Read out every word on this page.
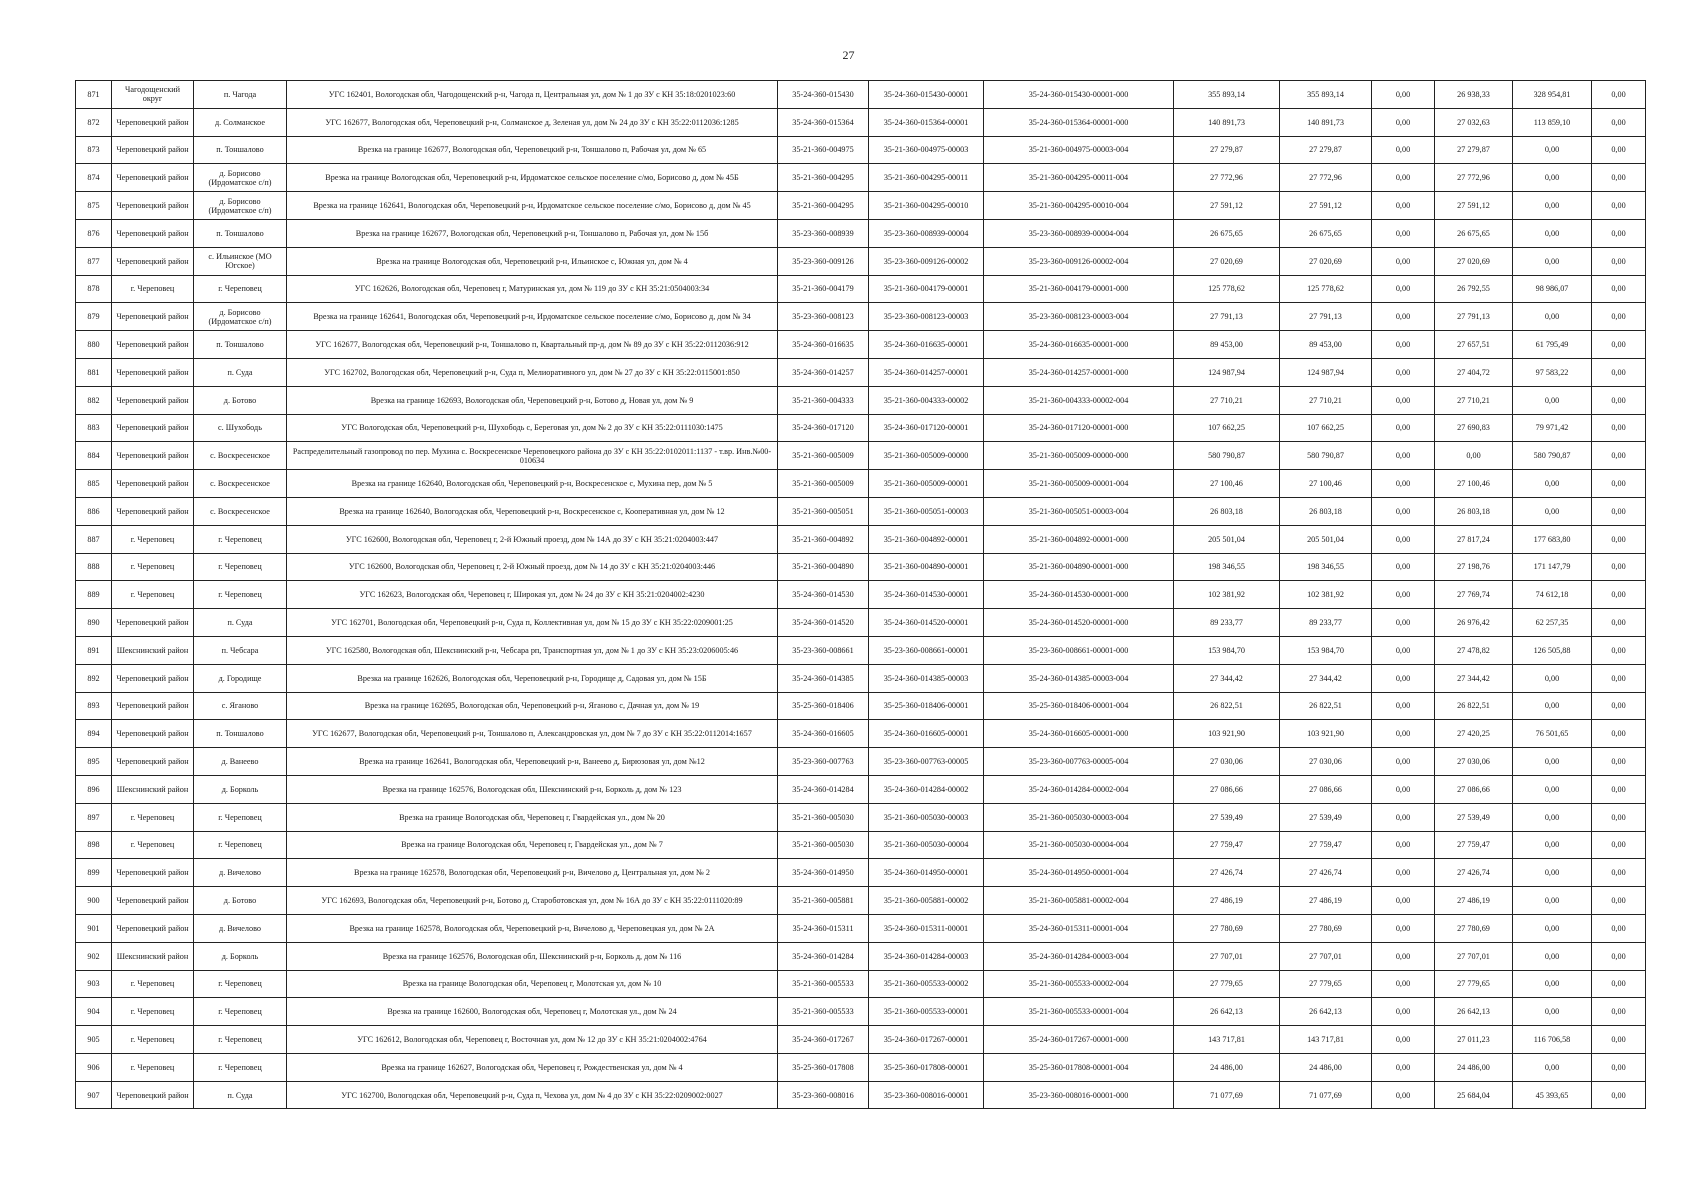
27
871	Чагодощенский округ	п. Чагода	УГС 162401, Вологодская обл, Чагодощенский р-н, Чагода п, Центральная ул, дом № 1 до ЗУ с КН 35:18:0201023:60	35-24-360-015430	35-24-360-015430-00001	35-24-360-015430-00001-000	355 893,14	355 893,14	0,00	26 938,33	328 954,81	0,00
872	Череповецкий район	д. Солманское	УГС 162677, Вологодская обл, Череповецкий р-н, Солманское д, Зеленая ул, дом № 24 до ЗУ с КН 35:22:0112036:1285	35-24-360-015364	35-24-360-015364-00001	35-24-360-015364-00001-000	140 891,73	140 891,73	0,00	27 032,63	113 859,10	0,00
873	Череповецкий район	п. Тоншалово	Врезка на границе 162677, Вологодская обл, Череповецкий р-н, Тоншалово п, Рабочая ул, дом № 65	35-21-360-004975	35-21-360-004975-00003	35-21-360-004975-00003-004	27 279,87	27 279,87	0,00	27 279,87	0,00	0,00
874	Череповецкий район	д. Борисово (Ирдоматское с/п)	Врезка на границе Вологодская обл, Череповецкий р-н, Ирдоматское сельское поселение с/мо, Борисово д, дом № 45Б	35-21-360-004295	35-21-360-004295-00011	35-21-360-004295-00011-004	27 772,96	27 772,96	0,00	27 772,96	0,00	0,00
875	Череповецкий район	д. Борисово (Ирдоматское с/п)	Врезка на границе 162641, Вологодская обл, Череповецкий р-н, Ирдоматское сельское поселение с/мо, Борисово д, дом № 45	35-21-360-004295	35-21-360-004295-00010	35-21-360-004295-00010-004	27 591,12	27 591,12	0,00	27 591,12	0,00	0,00
876	Череповецкий район	п. Тоншалово	Врезка на границе 162677, Вологодская обл, Череповецкий р-н, Тоншалово п, Рабочая ул, дом № 15б	35-23-360-008939	35-23-360-008939-00004	35-23-360-008939-00004-004	26 675,65	26 675,65	0,00	26 675,65	0,00	0,00
877	Череповецкий район	с. Ильинское (МО Югское)	Врезка на границе Вологодская обл, Череповецкий р-н, Ильинское с, Южная ул, дом № 4	35-23-360-009126	35-23-360-009126-00002	35-23-360-009126-00002-004	27 020,69	27 020,69	0,00	27 020,69	0,00	0,00
878	г. Череповец	г. Череповец	УГС 162626, Вологодская обл, Череповец г, Матуринская ул, дом № 119 до ЗУ с КН 35:21:0504003:34	35-21-360-004179	35-21-360-004179-00001	35-21-360-004179-00001-000	125 778,62	125 778,62	0,00	26 792,55	98 986,07	0,00
879	Череповецкий район	д. Борисово (Ирдоматское с/п)	Врезка на границе 162641, Вологодская обл, Череповецкий р-н, Ирдоматское сельское поселение с/мо, Борисово д, дом № 34	35-23-360-008123	35-23-360-008123-00003	35-23-360-008123-00003-004	27 791,13	27 791,13	0,00	27 791,13	0,00	0,00
880	Череповецкий район	п. Тоншалово	УГС 162677, Вологодская обл, Череповецкий р-н, Тоншалово п, Квартальный пр-д, дом № 89 до ЗУ с КН 35:22:0112036:912	35-24-360-016635	35-24-360-016635-00001	35-24-360-016635-00001-000	89 453,00	89 453,00	0,00	27 657,51	61 795,49	0,00
881	Череповецкий район	п. Суда	УГС 162702, Вологодская обл, Череповецкий р-н, Суда п, Мелиоративного ул, дом № 27 до ЗУ с КН 35:22:0115001:850	35-24-360-014257	35-24-360-014257-00001	35-24-360-014257-00001-000	124 987,94	124 987,94	0,00	27 404,72	97 583,22	0,00
882	Череповецкий район	д. Ботово	Врезка на границе 162693, Вологодская обл, Череповецкий р-н, Ботово д, Новая ул, дом № 9	35-21-360-004333	35-21-360-004333-00002	35-21-360-004333-00002-004	27 710,21	27 710,21	0,00	27 710,21	0,00	0,00
883	Череповецкий район	с. Шухободь	УГС Вологодская обл, Череповецкий р-н, Шухободь с, Береговая ул, дом № 2 до ЗУ с КН 35:22:0111030:1475	35-24-360-017120	35-24-360-017120-00001	35-24-360-017120-00001-000	107 662,25	107 662,25	0,00	27 690,83	79 971,42	0,00
884	Череповецкий район	с. Воскресенское	Распределительный газопровод по пер. Мухина с. Воскресенское Череповецкого района до ЗУ с КН 35:22:0102011:1137 - т.вр. Инв.№00-010634	35-21-360-005009	35-21-360-005009-00000	35-21-360-005009-00000-000	580 790,87	580 790,87	0,00	0,00	580 790,87	0,00
885	Череповецкий район	с. Воскресенское	Врезка на границе 162640, Вологодская обл, Череповецкий р-н, Воскресенское с, Мухина пер, дом № 5	35-21-360-005009	35-21-360-005009-00001	35-21-360-005009-00001-004	27 100,46	27 100,46	0,00	27 100,46	0,00	0,00
886	Череповецкий район	с. Воскресенское	Врезка на границе 162640, Вологодская обл, Череповецкий р-н, Воскресенское с, Кооперативная ул, дом № 12	35-21-360-005051	35-21-360-005051-00003	35-21-360-005051-00003-004	26 803,18	26 803,18	0,00	26 803,18	0,00	0,00
887	г. Череповец	г. Череповец	УГС 162600, Вологодская обл, Череповец г, 2-й Южный проезд, дом № 14А до ЗУ с КН 35:21:0204003:447	35-21-360-004892	35-21-360-004892-00001	35-21-360-004892-00001-000	205 501,04	205 501,04	0,00	27 817,24	177 683,80	0,00
888	г. Череповец	г. Череповец	УГС 162600, Вологодская обл, Череповец г, 2-й Южный проезд, дом № 14 до ЗУ с КН 35:21:0204003:446	35-21-360-004890	35-21-360-004890-00001	35-21-360-004890-00001-000	198 346,55	198 346,55	0,00	27 198,76	171 147,79	0,00
889	г. Череповец	г. Череповец	УГС 162623, Вологодская обл, Череповец г, Широкая ул, дом № 24 до ЗУ с КН 35:21:0204002:4230	35-24-360-014530	35-24-360-014530-00001	35-24-360-014530-00001-000	102 381,92	102 381,92	0,00	27 769,74	74 612,18	0,00
890	Череповецкий район	п. Суда	УГС 162701, Вологодская обл, Череповецкий р-н, Суда п, Коллективная ул, дом № 15 до ЗУ с КН 35:22:0209001:25	35-24-360-014520	35-24-360-014520-00001	35-24-360-014520-00001-000	89 233,77	89 233,77	0,00	26 976,42	62 257,35	0,00
891	Шекснинский район	п. Чебсара	УГС 162580, Вологодская обл, Шекснинский р-н, Чебсара рп, Транспортная ул, дом № 1 до ЗУ с КН 35:23:0206005:46	35-23-360-008661	35-23-360-008661-00001	35-23-360-008661-00001-000	153 984,70	153 984,70	0,00	27 478,82	126 505,88	0,00
892	Череповецкий район	д. Городище	Врезка на границе 162626, Вологодская обл, Череповецкий р-н, Городище д, Садовая ул, дом № 15Б	35-24-360-014385	35-24-360-014385-00003	35-24-360-014385-00003-004	27 344,42	27 344,42	0,00	27 344,42	0,00	0,00
893	Череповецкий район	с. Яганово	Врезка на границе 162695, Вологодская обл, Череповецкий р-н, Яганово с, Дачная ул, дом № 19	35-25-360-018406	35-25-360-018406-00001	35-25-360-018406-00001-004	26 822,51	26 822,51	0,00	26 822,51	0,00	0,00
894	Череповецкий район	п. Тоншалово	УГС 162677, Вологодская обл, Череповецкий р-н, Тоншалово п, Александровская ул, дом № 7 до ЗУ с КН 35:22:0112014:1657	35-24-360-016605	35-24-360-016605-00001	35-24-360-016605-00001-000	103 921,90	103 921,90	0,00	27 420,25	76 501,65	0,00
895	Череповецкий район	д. Ванеево	Врезка на границе 162641, Вологодская обл, Череповецкий р-н, Ванеево д, Бирюзовая ул, дом №12	35-23-360-007763	35-23-360-007763-00005	35-23-360-007763-00005-004	27 030,06	27 030,06	0,00	27 030,06	0,00	0,00
896	Шекснинский район	д. Борколь	Врезка на границе 162576, Вологодская обл, Шекснинский р-н, Борколь д, дом № 123	35-24-360-014284	35-24-360-014284-00002	35-24-360-014284-00002-004	27 086,66	27 086,66	0,00	27 086,66	0,00	0,00
897	г. Череповец	г. Череповец	Врезка на границе Вологодская обл, Череповец г, Гвардейская ул., дом № 20	35-21-360-005030	35-21-360-005030-00003	35-21-360-005030-00003-004	27 539,49	27 539,49	0,00	27 539,49	0,00	0,00
898	г. Череповец	г. Череповец	Врезка на границе Вологодская обл, Череповец г, Гвардейская ул., дом № 7	35-21-360-005030	35-21-360-005030-00004	35-21-360-005030-00004-004	27 759,47	27 759,47	0,00	27 759,47	0,00	0,00
899	Череповецкий район	д. Вичелово	Врезка на границе 162578, Вологодская обл, Череповецкий р-н, Вичелово д, Центральная ул, дом № 2	35-24-360-014950	35-24-360-014950-00001	35-24-360-014950-00001-004	27 426,74	27 426,74	0,00	27 426,74	0,00	0,00
900	Череповецкий район	д. Ботово	УГС 162693, Вологодская обл, Череповецкий р-н, Ботово д, Староботовская ул, дом № 16А до ЗУ с КН 35:22:0111020:89	35-21-360-005881	35-21-360-005881-00002	35-21-360-005881-00002-004	27 486,19	27 486,19	0,00	27 486,19	0,00	0,00
901	Череповецкий район	д. Вичелово	Врезка на границе 162578, Вологодская обл, Череповецкий р-н, Вичелово д, Череповецкая ул, дом № 2А	35-24-360-015311	35-24-360-015311-00001	35-24-360-015311-00001-004	27 780,69	27 780,69	0,00	27 780,69	0,00	0,00
902	Шекснинский район	д. Борколь	Врезка на границе 162576, Вологодская обл, Шекснинский р-н, Борколь д, дом № 116	35-24-360-014284	35-24-360-014284-00003	35-24-360-014284-00003-004	27 707,01	27 707,01	0,00	27 707,01	0,00	0,00
903	г. Череповец	г. Череповец	Врезка на границе Вологодская обл, Череповец г, Молотская ул, дом № 10	35-21-360-005533	35-21-360-005533-00002	35-21-360-005533-00002-004	27 779,65	27 779,65	0,00	27 779,65	0,00	0,00
904	г. Череповец	г. Череповец	Врезка на границе 162600, Вологодская обл, Череповец г, Молотская ул., дом № 24	35-21-360-005533	35-21-360-005533-00001	35-21-360-005533-00001-004	26 642,13	26 642,13	0,00	26 642,13	0,00	0,00
905	г. Череповец	г. Череповец	УГС 162612, Вологодская обл, Череповец г, Восточная ул, дом № 12 до ЗУ с КН 35:21:0204002:4764	35-24-360-017267	35-24-360-017267-00001	35-24-360-017267-00001-000	143 717,81	143 717,81	0,00	27 011,23	116 706,58	0,00
906	г. Череповец	г. Череповец	Врезка на границе 162627, Вологодская обл, Череповец г, Рождественская ул, дом № 4	35-25-360-017808	35-25-360-017808-00001	35-25-360-017808-00001-004	24 486,00	24 486,00	0,00	24 486,00	0,00	0,00
907	Череповецкий район	п. Суда	УГС 162700, Вологодская обл, Череповецкий р-н, Суда п, Чехова ул, дом № 4 до ЗУ с КН 35:22:0209002:0027	35-23-360-008016	35-23-360-008016-00001	35-23-360-008016-00001-000	71 077,69	71 077,69	0,00	25 684,04	45 393,65	0,00
